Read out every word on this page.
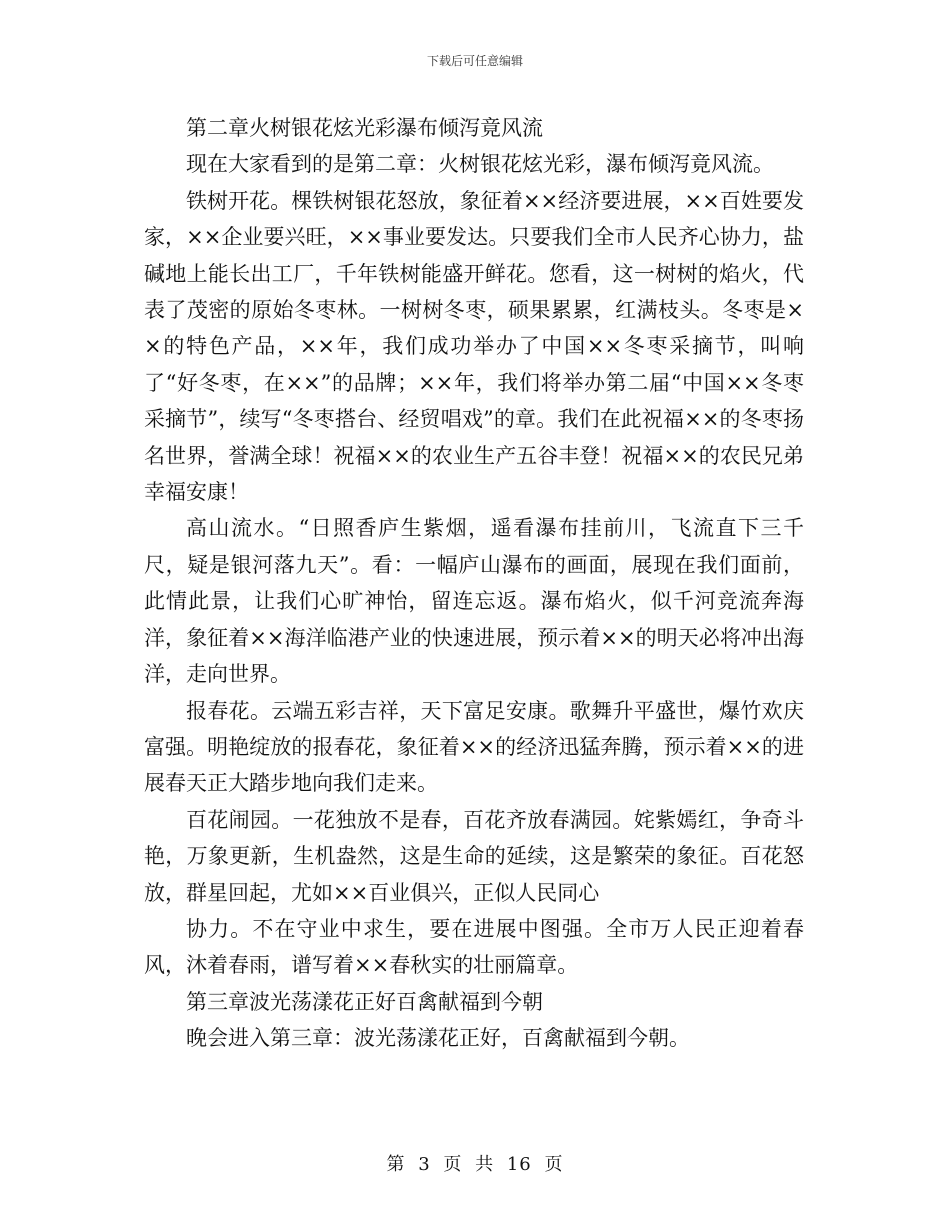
下载后可任意编辑

第二章火树银花炫光彩瀑布倾泻竟风流

现在大家看到的是第二章：火树银花炫光彩，瀑布倾泻竟风流。

铁树开花。棵铁树银花怒放，象征着××经济要进展，××百姓要发家，××企业要兴旺，××事业要发达。只要我们全市人民齐心协力，盐碱地上能长出工厂，千年铁树能盛开鲜花。您看，这一树树的焰火，代表了茂密的原始冬枣林。一树树冬枣，硕果累累，红满枝头。冬枣是××的特色产品，××年，我们成功举办了中国××冬枣采摘节，叫响了“好冬枣，在××”的品牌；××年，我们将举办第二届“中国××冬枣采摘节”，续写“冬枣搭台、经贸唱戏”的章。我们在此祝福××的冬枣扬名世界，誉满全球！祝福××的农业生产五谷丰登！祝福××的农民兄弟幸福安康！

高山流水。“日照香庐生紫烟，遥看瀑布挂前川，飞流直下三千尺，疑是银河落九天”。看：一幅庐山瀑布的画面，展现在我们面前，此情此景，让我们心旷神怡，留连忘返。瀑布焰火，似千河竞流奔海洋，象征着××海洋临港产业的快速进展，预示着××的明天必将冲出海洋，走向世界。

报春花。云端五彩吉祥，天下富足安康。歌舞升平盛世，爆竹欢庆富强。明艳绽放的报春花，象征着××的经济迅猛奔腾，预示着××的进展春天正大踏步地向我们走来。

百花闹园。一花独放不是春，百花齐放春满园。姹紫嫣红，争奇斗艳，万象更新，生机盎然，这是生命的延续，这是繁荣的象征。百花怒放，群星回起，尤如××百业俱兴，正似人民同心

协力。不在守业中求生，要在进展中图强。全市万人民正迎着春风，沐着春雨，谱写着××春秋实的壮丽篇章。

第三章波光荡漾花正好百禽献福到今朝

晚会进入第三章：波光荡漾花正好，百禽献福到今朝。

第 3 页 共 16 页
